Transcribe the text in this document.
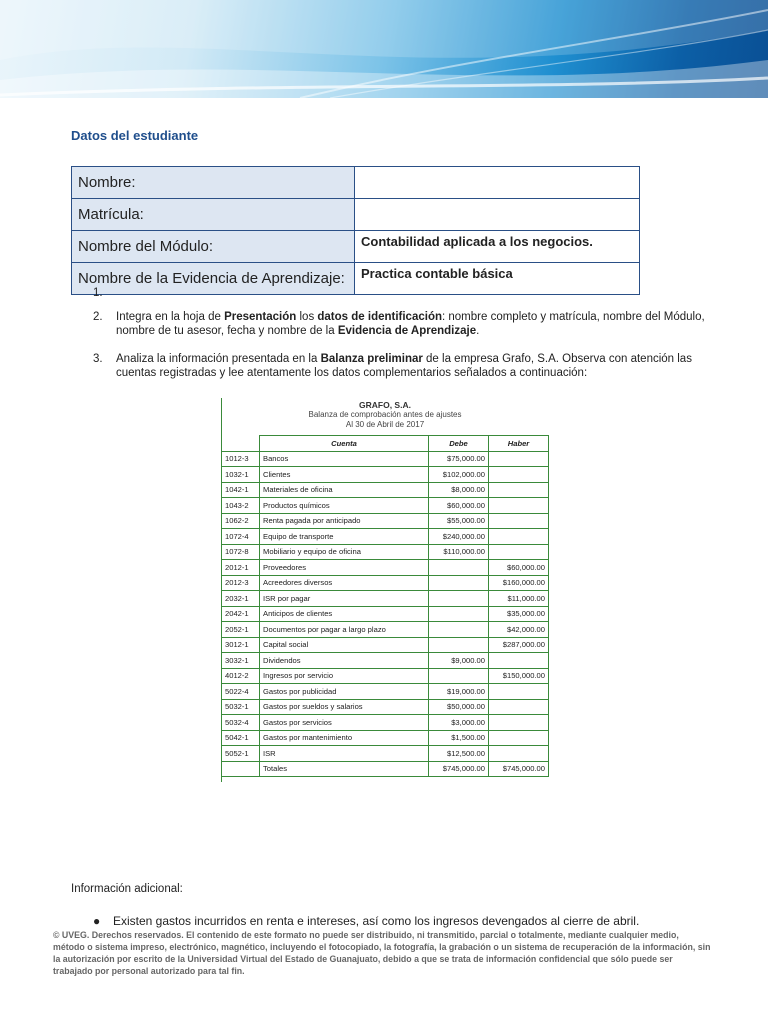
Datos del estudiante
Nombre:	
Matrícula:	
Nombre del Módulo:	Contabilidad aplicada a los negocios.
Nombre de la Evidencia de Aprendizaje:	Practica contable básica
1.
2. Integra en la hoja de Presentación los datos de identificación: nombre completo y matrícula, nombre del Módulo, nombre de tu asesor, fecha y nombre de la Evidencia de Aprendizaje.
3. Analiza la información presentada en la Balanza preliminar de la empresa Grafo, S.A. Observa con atención las cuentas registradas y lee atentamente los datos complementarios señalados a continuación:
GRAFO, S.A.
Balanza de comprobación antes de ajustes
Al 30 de Abril de 2017
	Cuenta	Debe	Haber
1012-3	Bancos	$75,000.00	
1032-1	Clientes	$102,000.00	
1042-1	Materiales de oficina	$8,000.00	
1043-2	Productos químicos	$60,000.00	
1062-2	Renta pagada por anticipado	$55,000.00	
1072-4	Equipo de transporte	$240,000.00	
1072-8	Mobiliario y equipo de oficina	$110,000.00	
2012-1	Proveedores		$60,000.00
2012-3	Acreedores diversos		$160,000.00
2032-1	ISR por pagar		$11,000.00
2042-1	Anticipos de clientes		$35,000.00
2052-1	Documentos por pagar a largo plazo		$42,000.00
3012-1	Capital social		$287,000.00
3032-1	Dividendos	$9,000.00	
4012-2	Ingresos por servicio		$150,000.00
5022-4	Gastos por publicidad	$19,000.00	
5032-1	Gastos por sueldos y salarios	$50,000.00	
5032-4	Gastos por servicios	$3,000.00	
5042-1	Gastos por mantenimiento	$1,500.00	
5052-1	ISR	$12,500.00	
	Totales	$745,000.00	$745,000.00
Información adicional:
● Existen gastos incurridos en renta e intereses, así como los ingresos devengados al cierre de abril.
© UVEG. Derechos reservados. El contenido de este formato no puede ser distribuido, ni transmitido, parcial o totalmente, mediante cualquier medio, método o sistema impreso, electrónico, magnético, incluyendo el fotocopiado, la fotografía, la grabación o un sistema de recuperación de la información, sin la autorización por escrito de la Universidad Virtual del Estado de Guanajuato, debido a que se trata de información confidencial que sólo puede ser trabajado por personal autorizado para tal fin.
